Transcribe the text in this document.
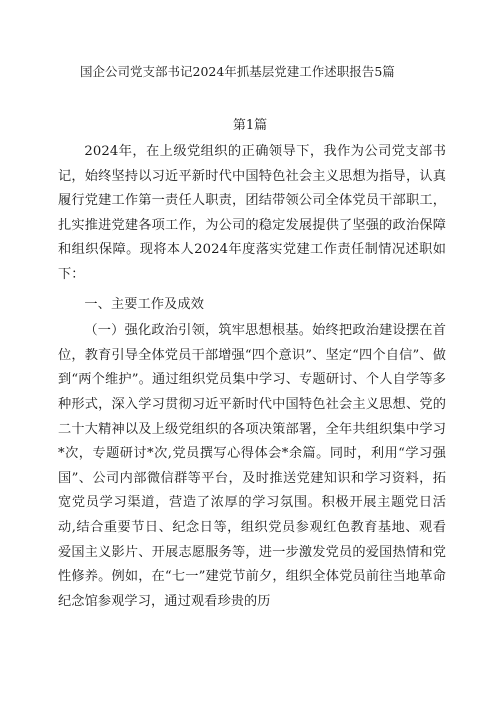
国企公司党支部书记2024年抓基层党建工作述职报告5篇
第1篇

2024年，在上级党组织的正确领导下，我作为公司党支部书记，始终坚持以习近平新时代中国特色社会主义思想为指导，认真履行党建工作第一责任人职责，团结带领公司全体党员干部职工，扎实推进党建各项工作，为公司的稳定发展提供了坚强的政治保障和组织保障。现将本人2024年度落实党建工作责任制情况述职如下：

一、主要工作及成效

（一）强化政治引领，筑牢思想根基。始终把政治建设摆在首位，教育引导全体党员干部增强“四个意识”、坚定“四个自信”、做到“两个维护”。通过组织党员集中学习、专题研讨、个人自学等多种形式，深入学习贯彻习近平新时代中国特色社会主义思想、党的二十大精神以及上级党组织的各项决策部署，全年共组织集中学习*次，专题研讨*次,党员撰写心得体会*余篇。同时，利用“学习强国”、公司内部微信群等平台，及时推送党建知识和学习资料，拓宽党员学习渠道，营造了浓厚的学习氛围。积极开展主题党日活动,结合重要节日、纪念日等，组织党员参观红色教育基地、观看爱国主义影片、开展志愿服务等，进一步激发党员的爱国热情和党性修养。例如，在“七一”建党节前夕，组织全体党员前往当地革命纪念馆参观学习，通过观看珍贵的历
